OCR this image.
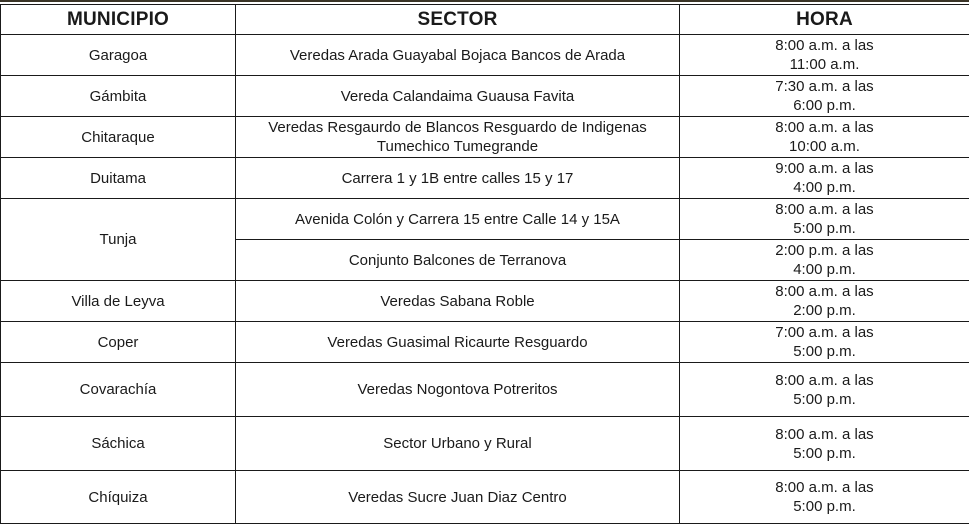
MUNICIPIO	SECTOR	HORA
Garagoa	Veredas Arada Guayabal Bojaca Bancos de Arada	8:00 a.m. a las
11:00 a.m.

Gámbita	Vereda Calandaima Guausa Favita	7:30 a.m. a las
6:00 p.m.

Chitaraque	Veredas Resgaurdo de Blancos Resguardo de Indigenas
Tumechico Tumegrande	8:00 a.m. a las
10:00 a.m.

Duitama	Carrera 1 y 1B entre calles 15 y 17	9:00 a.m. a las
4:00 p.m.

Tunja	Avenida Colón y Carrera 15 entre Calle 14 y 15A	8:00 a.m. a las
5:00 p.m.

	Conjunto Balcones de Terranova	2:00 p.m. a las
4:00 p.m.

Villa de Leyva	Veredas Sabana Roble	8:00 a.m. a las
2:00 p.m.

Coper	Veredas Guasimal Ricaurte Resguardo	7:00 a.m. a las
5:00 p.m.

Covarachía	Veredas Nogontova Potreritos	8:00 a.m. a las
5:00 p.m.

Sáchica	Sector Urbano y Rural	8:00 a.m. a las
5:00 p.m.

Chíquiza	Veredas Sucre Juan Diaz Centro	8:00 a.m. a las
5:00 p.m.
